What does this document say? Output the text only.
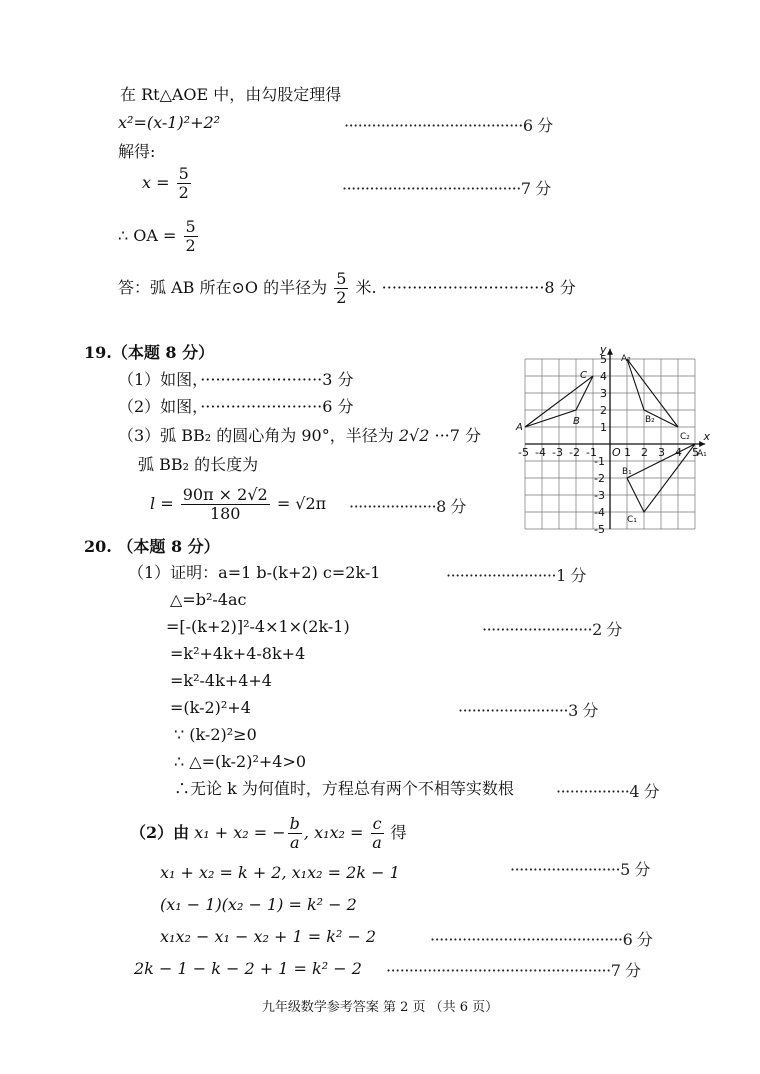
在 Rt△AOE 中，由勾股定理得
x²=(x-1)²+2²	·······································6 分
解得:
$x = \frac{5}{2}$	·······································7 分
∴ OA = $\frac{5}{2}$
答：弧 AB 所在⊙O 的半径为 $\frac{5}{2}$ 米. ································8 分
19.（本题 8 分）
（1）如图，························3 分
（2）如图，························6 分
（3）弧 BB₂ 的圆心角为 90°，半径为 2√2 ···7 分
弧 BB₂ 的长度为
$l = \frac{90\pi \times 2√2}{180} = √2\pi \cdot\cdot\cdot\cdot\cdot\cdot\cdot\cdot\cdot\cdot\cdot\cdot\cdot\cdot\cdot\cdot\cdot\cdot\cdot 8$ 分
-5 -4 -3 -2 -1 1 2 3 4 5
5
4
3
2
1
-1
-2
-3
-4
-5
O
x
y
A
C
B
A₂
B₂
C₂
A₁
B₁
C₁
20. （本题 8 分）
（1）证明：a=1 b-(k+2) c=2k-1	························1 分
△=b²-4ac
=[-(k+2)]²-4×1×(2k-1)	························2 分
=k²+4k+4-8k+4
=k²-4k+4+4
=(k-2)²+4	························3 分
∵ (k-2)²≥0
∴ △=(k-2)²+4>0
∴无论 k 为何值时，方程总有两个不相等实数根	················4 分
（2）由 x₁ + x₂ = − $\frac{b}{a}$ , $x_1x_2 = \frac{c}{a}$ 得
x₁ + x₂ = k + 2, x₁x₂ = 2k − 1	························5 分
(x₁ − 1)(x₂ − 1) = k² − 2
x₁x₂ − x₁ − x₂ + 1 = k² − 2	··········································6 分
2k − 1 − k − 2 + 1 = k² − 2 ·················································7 分
九年级数学参考答案 第 2 页 （共 6 页）
